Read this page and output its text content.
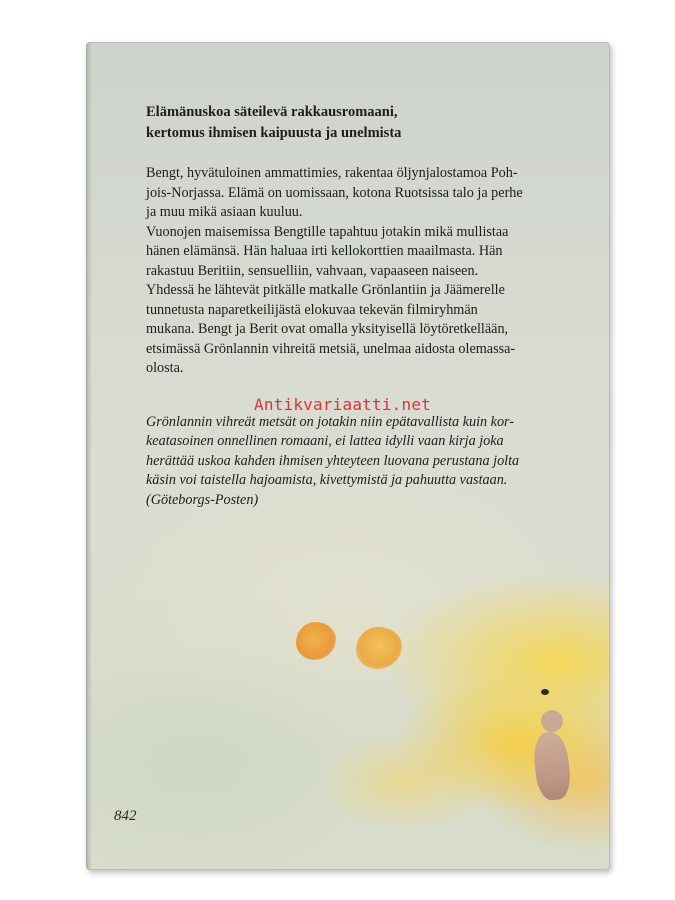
Elämänuskoa säteilevä rakkausromaani,
kertomus ihmisen kaipuusta ja unelmista
Bengt, hyvätuloinen ammattimies, rakentaa öljynjalostamoa Poh-
jois-Norjassa. Elämä on uomissaan, kotona Ruotsissa talo ja perhe
ja muu mikä asiaan kuuluu.
Vuonojen maisemissa Bengtille tapahtuu jotakin mikä mullistaa
hänen elämänsä. Hän haluaa irti kellokorttien maailmasta. Hän
rakastuu Beritiin, sensuelliin, vahvaan, vapaaseen naiseen.
Yhdessä he lähtevät pitkälle matkalle Grönlantiin ja Jäämerelle
tunnetusta naparetkeilijästä elokuvaa tekevän filmiryhmän
mukana. Bengt ja Berit ovat omalla yksityisellä löytöretkellään,
etsimässä Grönlannin vihreitä metsiä, unelmaa aidosta olemassa-
olosta.
Grönlannin vihreät metsät on jotakin niin epätavallista kuin kor-
keatasoinen onnellinen romaani, ei lattea idylli vaan kirja joka
herättää uskoa kahden ihmisen yhteyteen luovana perustana jolta
käsin voi taistella hajoamista, kivettymistä ja pahuutta vastaan.
(Göteborgs-Posten)
Antikvariaatti.net
842
